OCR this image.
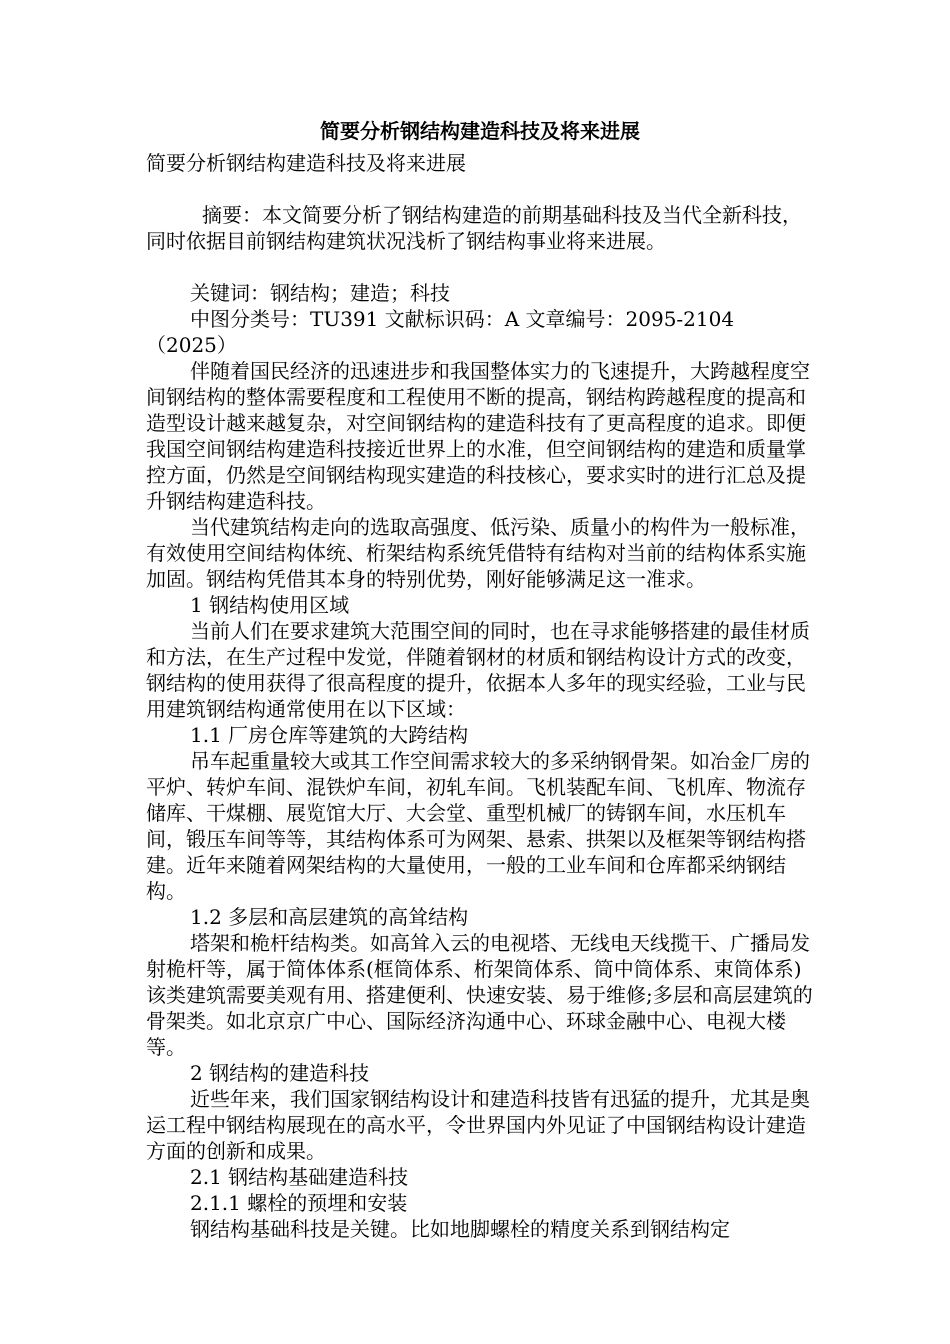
简要分析钢结构建造科技及将来进展

简要分析钢结构建造科技及将来进展

摘要：本文简要分析了钢结构建造的前期基础科技及当代全新科技，同时依据目前钢结构建筑状况浅析了钢结构事业将来进展。

关键词：钢结构；建造；科技

中图分类号：TU391 文献标识码：A 文章编号：2095-2104（2025）

伴随着国民经济的迅速进步和我国整体实力的飞速提升，大跨越程度空间钢结构的整体需要程度和工程使用不断的提高，钢结构跨越程度的提高和造型设计越来越复杂，对空间钢结构的建造科技有了更高程度的追求。即便我国空间钢结构建造科技接近世界上的水准，但空间钢结构的建造和质量掌控方面，仍然是空间钢结构现实建造的科技核心，要求实时的进行汇总及提升钢结构建造科技。

当代建筑结构走向的选取高强度、低污染、质量小的构件为一般标准，有效使用空间结构体统、桁架结构系统凭借特有结构对当前的结构体系实施加固。钢结构凭借其本身的特别优势，刚好能够满足这一准求。

1 钢结构使用区域

当前人们在要求建筑大范围空间的同时，也在寻求能够搭建的最佳材质和方法，在生产过程中发觉，伴随着钢材的材质和钢结构设计方式的改变，钢结构的使用获得了很高程度的提升，依据本人多年的现实经验，工业与民用建筑钢结构通常使用在以下区域：

1.1 厂房仓库等建筑的大跨结构

吊车起重量较大或其工作空间需求较大的多采纳钢骨架。如冶金厂房的平炉、转炉车间、混铁炉车间，初轧车间。飞机装配车间、飞机库、物流存储库、干煤棚、展览馆大厅、大会堂、重型机械厂的铸钢车间，水压机车间，锻压车间等等，其结构体系可为网架、悬索、拱架以及框架等钢结构搭建。近年来随着网架结构的大量使用，一般的工业车间和仓库都采纳钢结构。

1.2 多层和高层建筑的高耸结构

塔架和桅杆结构类。如高耸入云的电视塔、无线电天线揽干、广播局发射桅杆等，属于简体体系(框筒体系、桁架筒体系、筒中筒体系、束筒体系)该类建筑需要美观有用、搭建便利、快速安装、易于维修;多层和高层建筑的骨架类。如北京京广中心、国际经济沟通中心、环球金融中心、电视大楼等。

2 钢结构的建造科技

近些年来，我们国家钢结构设计和建造科技皆有迅猛的提升，尤其是奥运工程中钢结构展现在的高水平，令世界国内外见证了中国钢结构设计建造方面的创新和成果。

2.1 钢结构基础建造科技

2.1.1 螺栓的预埋和安装

钢结构基础科技是关键。比如地脚螺栓的精度关系到钢结构定
